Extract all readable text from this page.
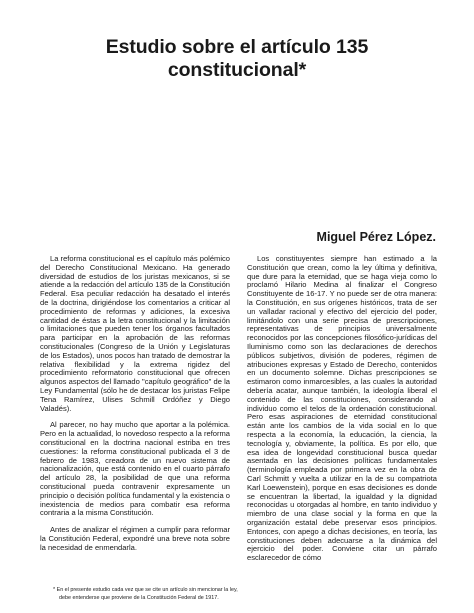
Estudio sobre el artículo 135
constitucional*
Miguel Pérez López.

La reforma constitucional es el capítulo más polémico del Derecho Constitucional Mexicano. Ha generado diversidad de estudios de los juristas mexicanos, si se atiende a la redacción del artículo 135 de la Constitución Federal. Esa peculiar redacción ha desatado el interés de la doctrina, dirigiéndose los comentarios a criticar al procedimiento de reformas y adiciones, la excesiva cantidad de éstas a la letra constitucional y la limitación o limitaciones que pueden tener los órganos facultados para participar en la aprobación de las reformas constitucionales (Congreso de la Unión y Legislaturas de los Estados), unos pocos han tratado de demostrar la relativa flexibilidad y la extrema rigidez del procedimiento reformatorio constitucional que ofrecen algunos aspectos del llamado "capítulo geográfico" de la Ley Fundamental (sólo he de destacar los juristas Felipe Tena Ramírez, Ulises Schmill Ordóñez y Diego Valadés).

Al parecer, no hay mucho que aportar a la polémica. Pero en la actualidad, lo novedoso respecto a la reforma constitucional en la doctrina nacional estriba en tres cuestiones: la reforma constitucional publicada el 3 de febrero de 1983, creadora de un nuevo sistema de nacionalización, que está contenido en el cuarto párrafo del artículo 28, la posibilidad de que una reforma constitucional pueda contravenir expresamente un principio o decisión política fundamental y la existencia o inexistencia de medios para combatir esa reforma contraria a la misma Constitución.

Antes de analizar el régimen a cumplir para reformar la Constitución Federal, expondré una breve nota sobre la necesidad de enmendarla.

Los constituyentes siempre han estimado a la Constitución que crean, como la ley última y definitiva, que dure para la eternidad, que se haga vieja como lo proclamó Hilario Medina al finalizar el Congreso Constituyente de 16-17. Y no puede ser de otra manera: la Constitución, en sus orígenes históricos, trata de ser un valladar racional y efectivo del ejercicio del poder, limitándolo con una serie precisa de prescripciones, representativas de principios universalmente reconocidos por las concepciones filosófico-jurídicas del Iluminismo como son las declaraciones de derechos públicos subjetivos, división de poderes, régimen de atribuciones expresas y Estado de Derecho, contenidos en un documento solemne. Dichas prescripciones se estimaron como inmarcesibles, a las cuales la autoridad debería acatar, aunque también, la ideología liberal el contenido de las constituciones, considerando al individuo como el telos de la ordenación constitucional. Pero esas aspiraciones de eternidad constitucional están ante los cambios de la vida social en lo que respecta a la economía, la educación, la ciencia, la tecnología y, obviamente, la política. Es por ello, que esa idea de longevidad constitucional busca quedar asentada en las decisiones políticas fundamentales (terminología empleada por primera vez en la obra de Carl Schmitt y vuelta a utilizar en la de su compatriota Karl Loewenstein), porque en esas decisiones es donde se encuentran la libertad, la igualdad y la dignidad reconocidas u otorgadas al hombre, en tanto individuo y miembro de una clase social y la forma en que la organización estatal debe preservar esos principios. Entonces, con apego a dichas decisiones, en teoría, las constituciones deben adecuarse a la dinámica del ejercicio del poder. Conviene citar un párrafo esclarecedor de cómo

* En el presente estudio cada vez que se cite un artículo sin mencionar la ley,
debe entenderse que proviene de la Constitución Federal de 1917.
